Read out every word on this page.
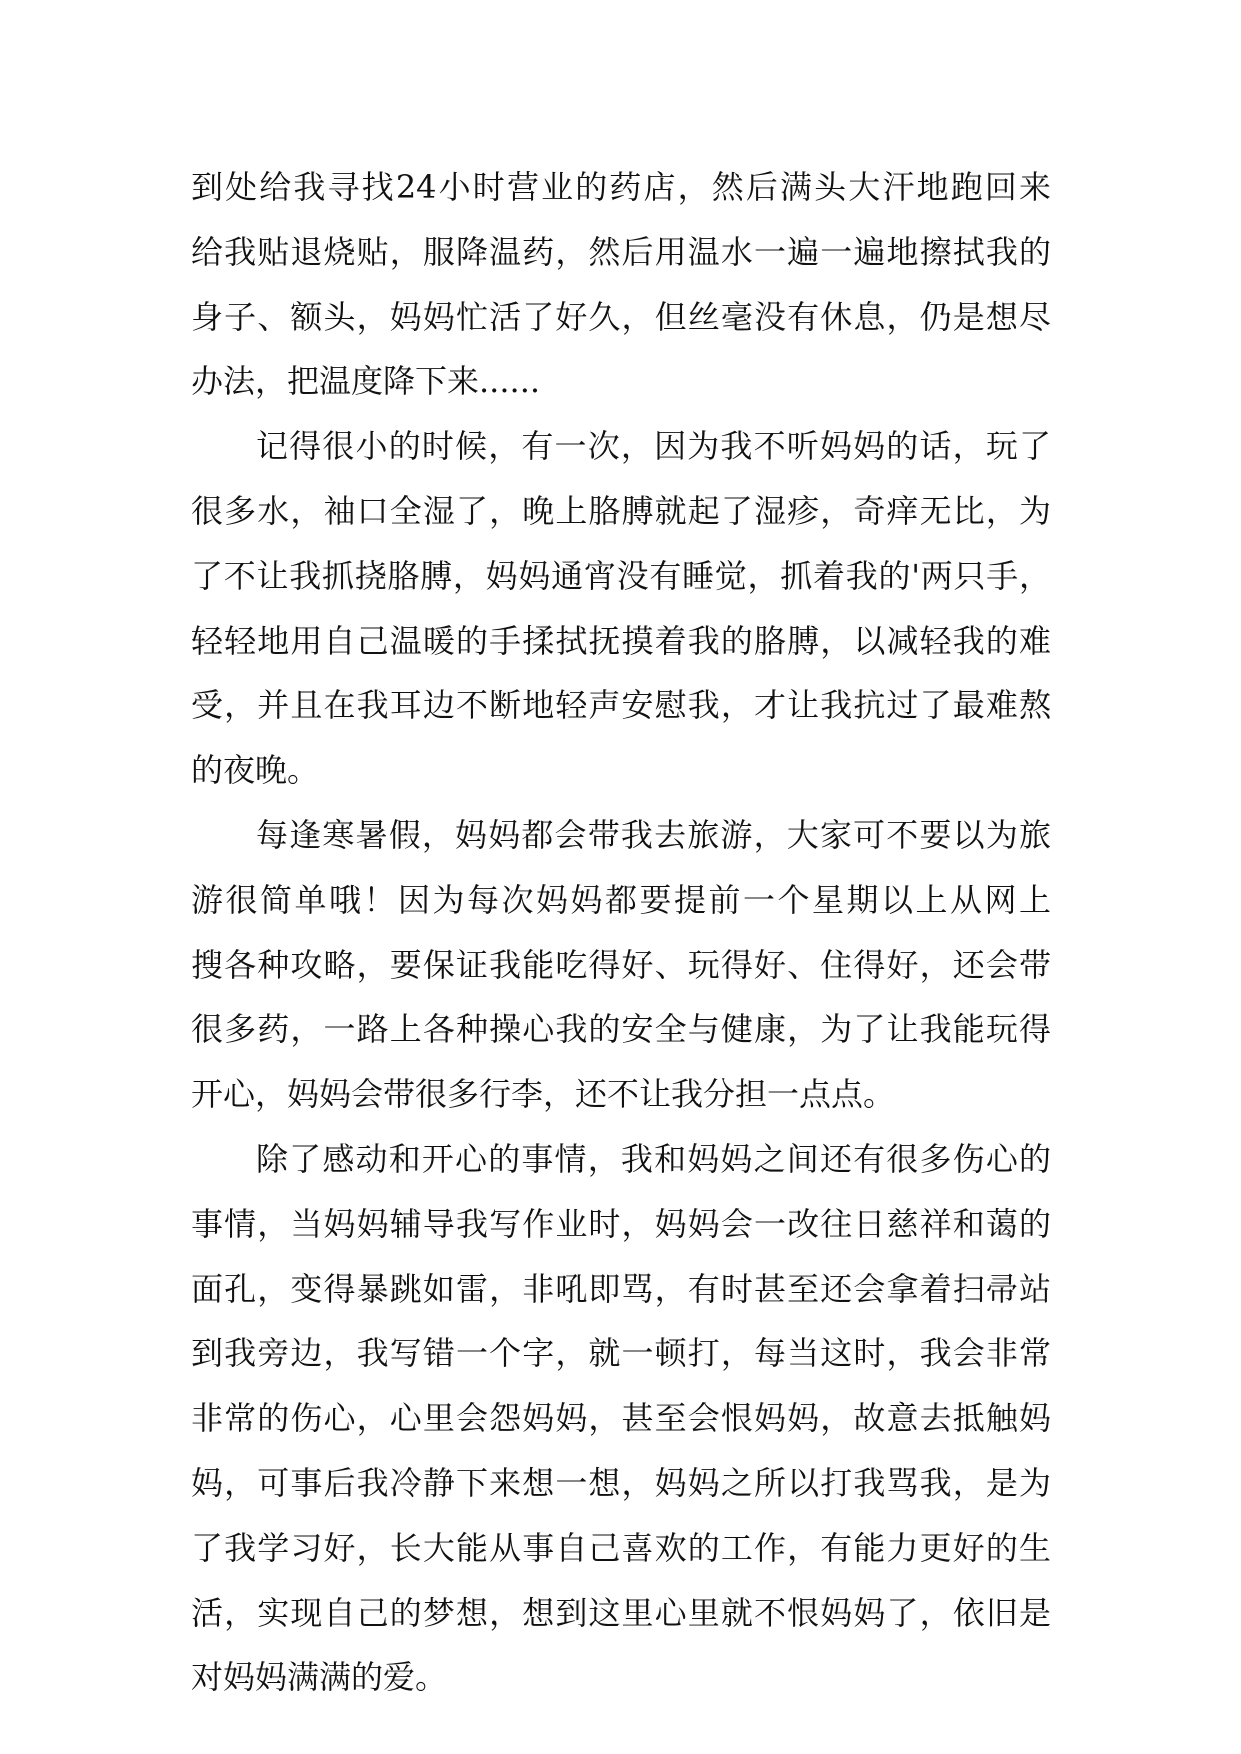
到处给我寻找24小时营业的药店，然后满头大汗地跑回来
给我贴退烧贴，服降温药，然后用温水一遍一遍地擦拭我的
身子、额头，妈妈忙活了好久，但丝毫没有休息，仍是想尽
办法，把温度降下来......
记得很小的时候，有一次，因为我不听妈妈的话，玩了
很多水，袖口全湿了，晚上胳膊就起了湿疹，奇痒无比，为
了不让我抓挠胳膊，妈妈通宵没有睡觉，抓着我的'两只手，
轻轻地用自己温暖的手揉拭抚摸着我的胳膊，以减轻我的难
受，并且在我耳边不断地轻声安慰我，才让我抗过了最难熬
的夜晚。
每逢寒暑假，妈妈都会带我去旅游，大家可不要以为旅
游很简单哦！因为每次妈妈都要提前一个星期以上从网上
搜各种攻略，要保证我能吃得好、玩得好、住得好，还会带
很多药，一路上各种操心我的安全与健康，为了让我能玩得
开心，妈妈会带很多行李，还不让我分担一点点。
除了感动和开心的事情，我和妈妈之间还有很多伤心的
事情，当妈妈辅导我写作业时，妈妈会一改往日慈祥和蔼的
面孔，变得暴跳如雷，非吼即骂，有时甚至还会拿着扫帚站
到我旁边，我写错一个字，就一顿打，每当这时，我会非常
非常的伤心，心里会怨妈妈，甚至会恨妈妈，故意去抵触妈
妈，可事后我冷静下来想一想，妈妈之所以打我骂我，是为
了我学习好，长大能从事自己喜欢的工作，有能力更好的生
活，实现自己的梦想，想到这里心里就不恨妈妈了，依旧是
对妈妈满满的爱。
